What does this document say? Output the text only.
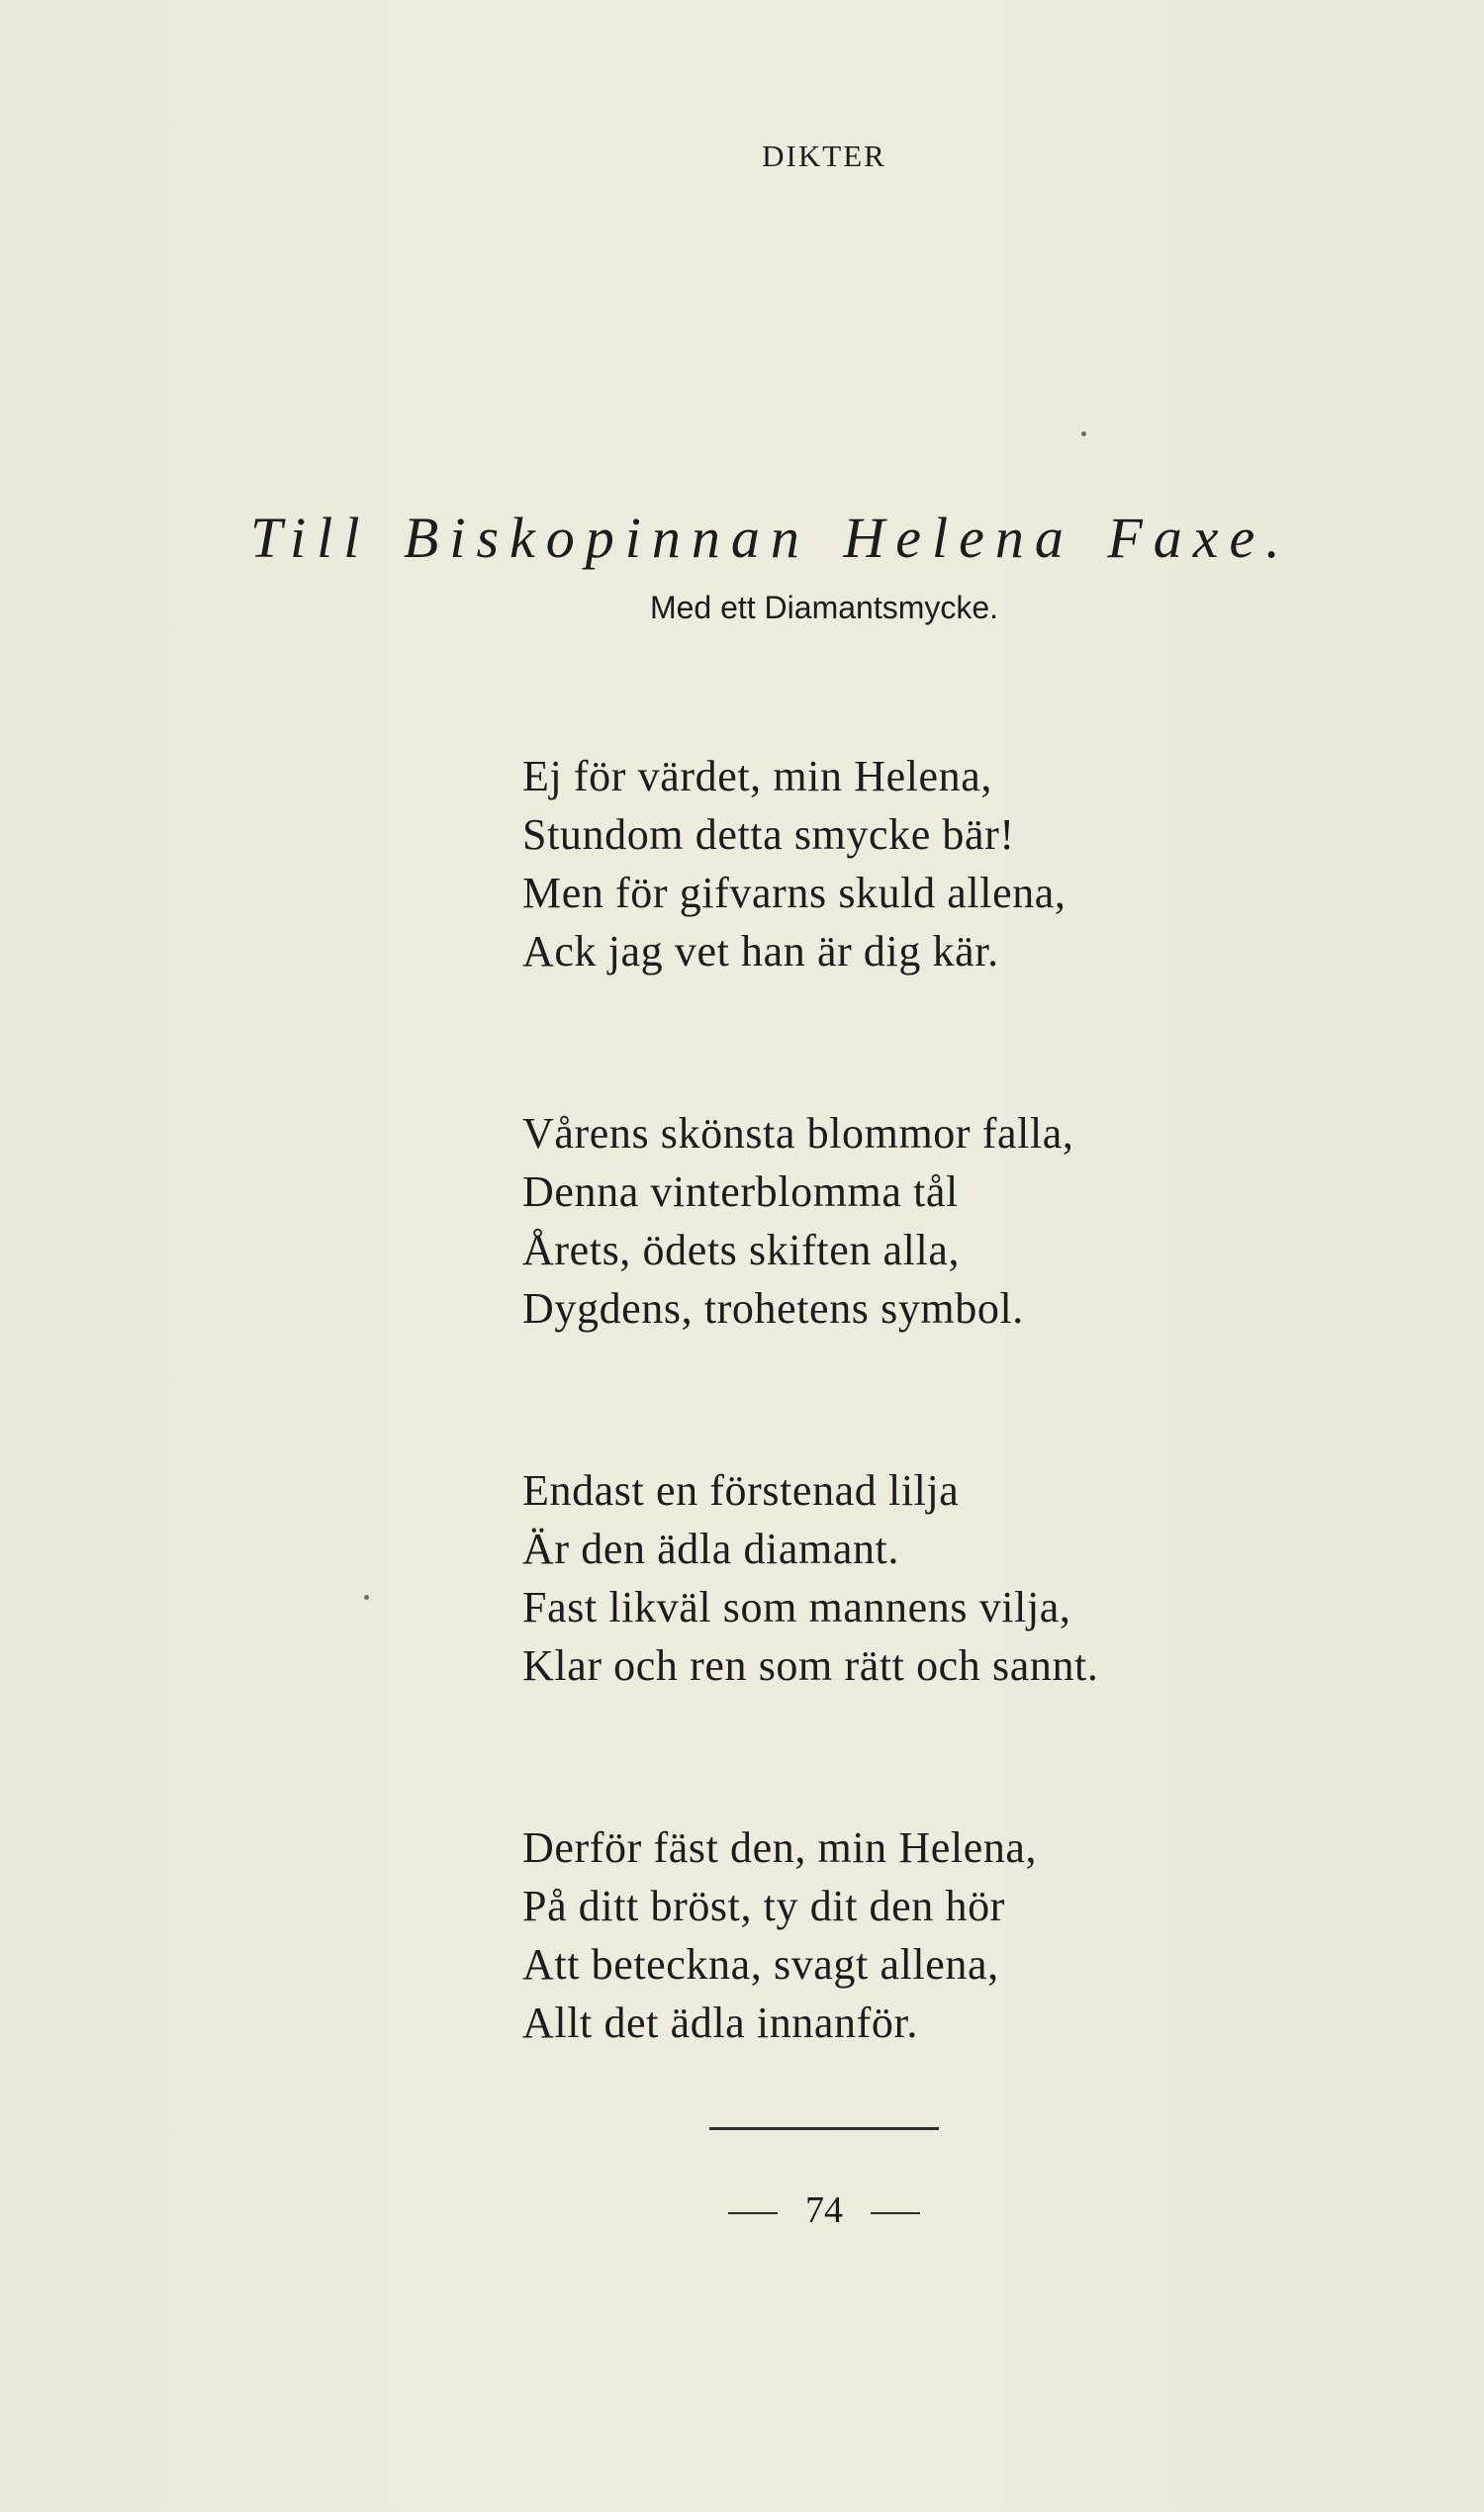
DIKTER
Till Biskopinnan Helena Faxe.
Med ett Diamantsmycke.
Ej för värdet, min Helena,
Stundom detta smycke bär!
Men för gifvarns skuld allena,
Ack jag vet han är dig kär.
Vårens skönsta blommor falla,
Denna vinterblomma tål
Årets, ödets skiften alla,
Dygdens, trohetens symbol.
Endast en förstenad lilja
Är den ädla diamant.
Fast likväl som mannens vilja,
Klar och ren som rätt och sannt.
Derför fäst den, min Helena,
På ditt bröst, ty dit den hör
Att beteckna, svagt allena,
Allt det ädla innanför.
74
